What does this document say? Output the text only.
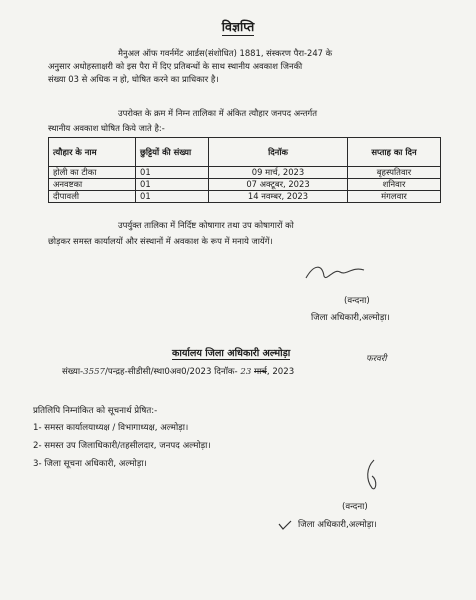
विज्ञप्ति
मैनुअल ऑफ गवर्नमेंट आर्डस(संशोधित) 1881, संस्करण पैरा-247 के
अनुसार अधोहस्ताक्षरी को इस पैरा में दिए प्रतिबन्धों के साथ स्थानीय अवकाश जिनकी
संख्या 03 से अधिक न हो, घोषित करने का प्राधिकार है।
उपरोक्त के क्रम में निम्न तालिका में अंकित त्यौहार जनपद अन्तर्गत
स्थानीय अवकाश घोषित किये जाते है:-
त्यौहार के नाम	छुट्टियों की संख्या	दिनॉक	सप्ताह का दिन
होली का टीका	01	09 मार्च, 2023	बृहस्पतिवार
अनवष्टका	01	07 अक्टूबर, 2023	शनिवार
दीपावली	01	14 नवम्बर, 2023	मंगलवार
उपर्युक्त तालिका में निर्दिष्ट कोषागार तथा उप कोषागारों को
छोड़कर समस्त कार्यालयों और संस्थानों में अवकाश के रूप में मनाये जायेंगें।
(वन्दना)
जिला अधिकारी,अल्मोड़ा।
कार्यालय जिला अधिकारी अल्मोड़ा
संख्या-3557/पन्द्रह-सीडीसी/स्था0अव0/2023 दिनॉक- 23 मार्च, 2023
फरवरी
प्रतिलिपि निम्नांकित को सूचनार्थ प्रेषित:-
1- समस्त कार्यालयाध्यक्ष / विभागाध्यक्ष, अल्मोड़ा।
2- समस्त उप जिलाधिकारी/तहसीलदार, जनपद अल्मोड़ा।
3- जिला सूचना अधिकारी, अल्मोड़ा।
(वन्दना)
जिला अधिकारी,अल्मोड़ा।
